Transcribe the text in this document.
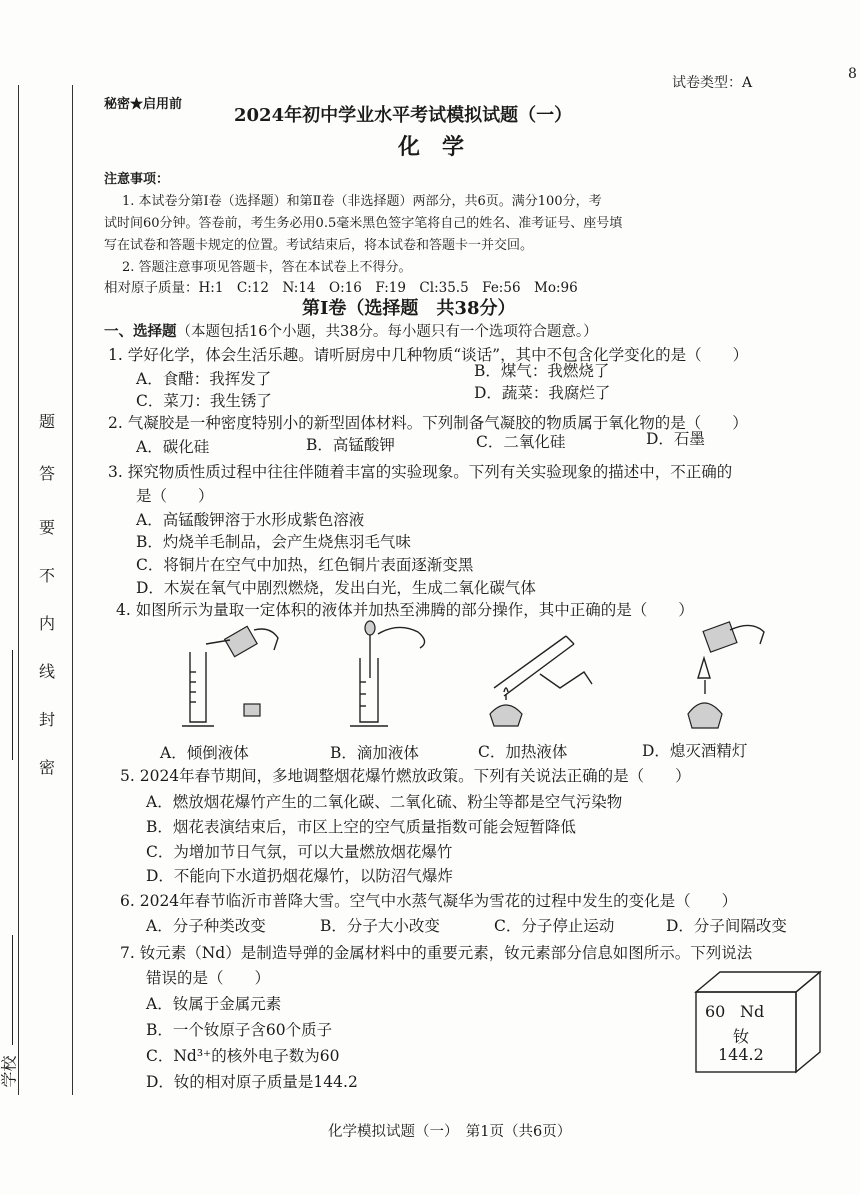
密
封
线
内
不
要
答
题
学校
试卷类型：A
8
秘密★启用前
2024年初中学业水平考试模拟试题（一）
化　学
注意事项：
1. 本试卷分第Ⅰ卷（选择题）和第Ⅱ卷（非选择题）两部分，共6页。满分100分，考
试时间60分钟。答卷前，考生务必用0.5毫米黑色签字笔将自己的姓名、准考证号、座号填
写在试卷和答题卡规定的位置。考试结束后，将本试卷和答题卡一并交回。
2. 答题注意事项见答题卡，答在本试卷上不得分。
相对原子质量：H:1　C:12　N:14　O:16　F:19　Cl:35.5　Fe:56　Mo:96
第Ⅰ卷（选择题　共38分）
一、选择题（本题包括16个小题，共38分。每小题只有一个选项符合题意。）
1. 学好化学，体会生活乐趣。请听厨房中几种物质“谈话”，其中不包含化学变化的是（　　）
A．食醋：我挥发了	B．煤气：我燃烧了
C．菜刀：我生锈了	D．蔬菜：我腐烂了
2. 气凝胶是一种密度特别小的新型固体材料。下列制备气凝胶的物质属于氧化物的是（　　）
A．碳化硅	B．高锰酸钾	C．二氧化硅	D．石墨
3. 探究物质性质过程中往往伴随着丰富的实验现象。下列有关实验现象的描述中，不正确的
是（　　）
A．高锰酸钾溶于水形成紫色溶液
B．灼烧羊毛制品，会产生烧焦羽毛气味
C．将铜片在空气中加热，红色铜片表面逐渐变黑
D．木炭在氧气中剧烈燃烧，发出白光，生成二氧化碳气体
4. 如图所示为量取一定体积的液体并加热至沸腾的部分操作，其中正确的是（　　）
A．倾倒液体	B．滴加液体	C．加热液体	D．熄灭酒精灯
5. 2024年春节期间，多地调整烟花爆竹燃放政策。下列有关说法正确的是（　　）
A．燃放烟花爆竹产生的二氧化碳、二氧化硫、粉尘等都是空气污染物
B．烟花表演结束后，市区上空的空气质量指数可能会短暂降低
C．为增加节日气氛，可以大量燃放烟花爆竹
D．不能向下水道扔烟花爆竹，以防沼气爆炸
6. 2024年春节临沂市普降大雪。空气中水蒸气凝华为雪花的过程中发生的变化是（　　）
A．分子种类改变	B．分子大小改变	C．分子停止运动	D．分子间隔改变
7. 钕元素（Nd）是制造导弹的金属材料中的重要元素，钕元素部分信息如图所示。下列说法
错误的是（　　）
A．钕属于金属元素
B．一个钕原子含60个质子
C．Nd³⁺的核外电子数为60
D．钕的相对原子质量是144.2
60 Nd
钕
144.2
化学模拟试题（一）　第1页（共6页）
